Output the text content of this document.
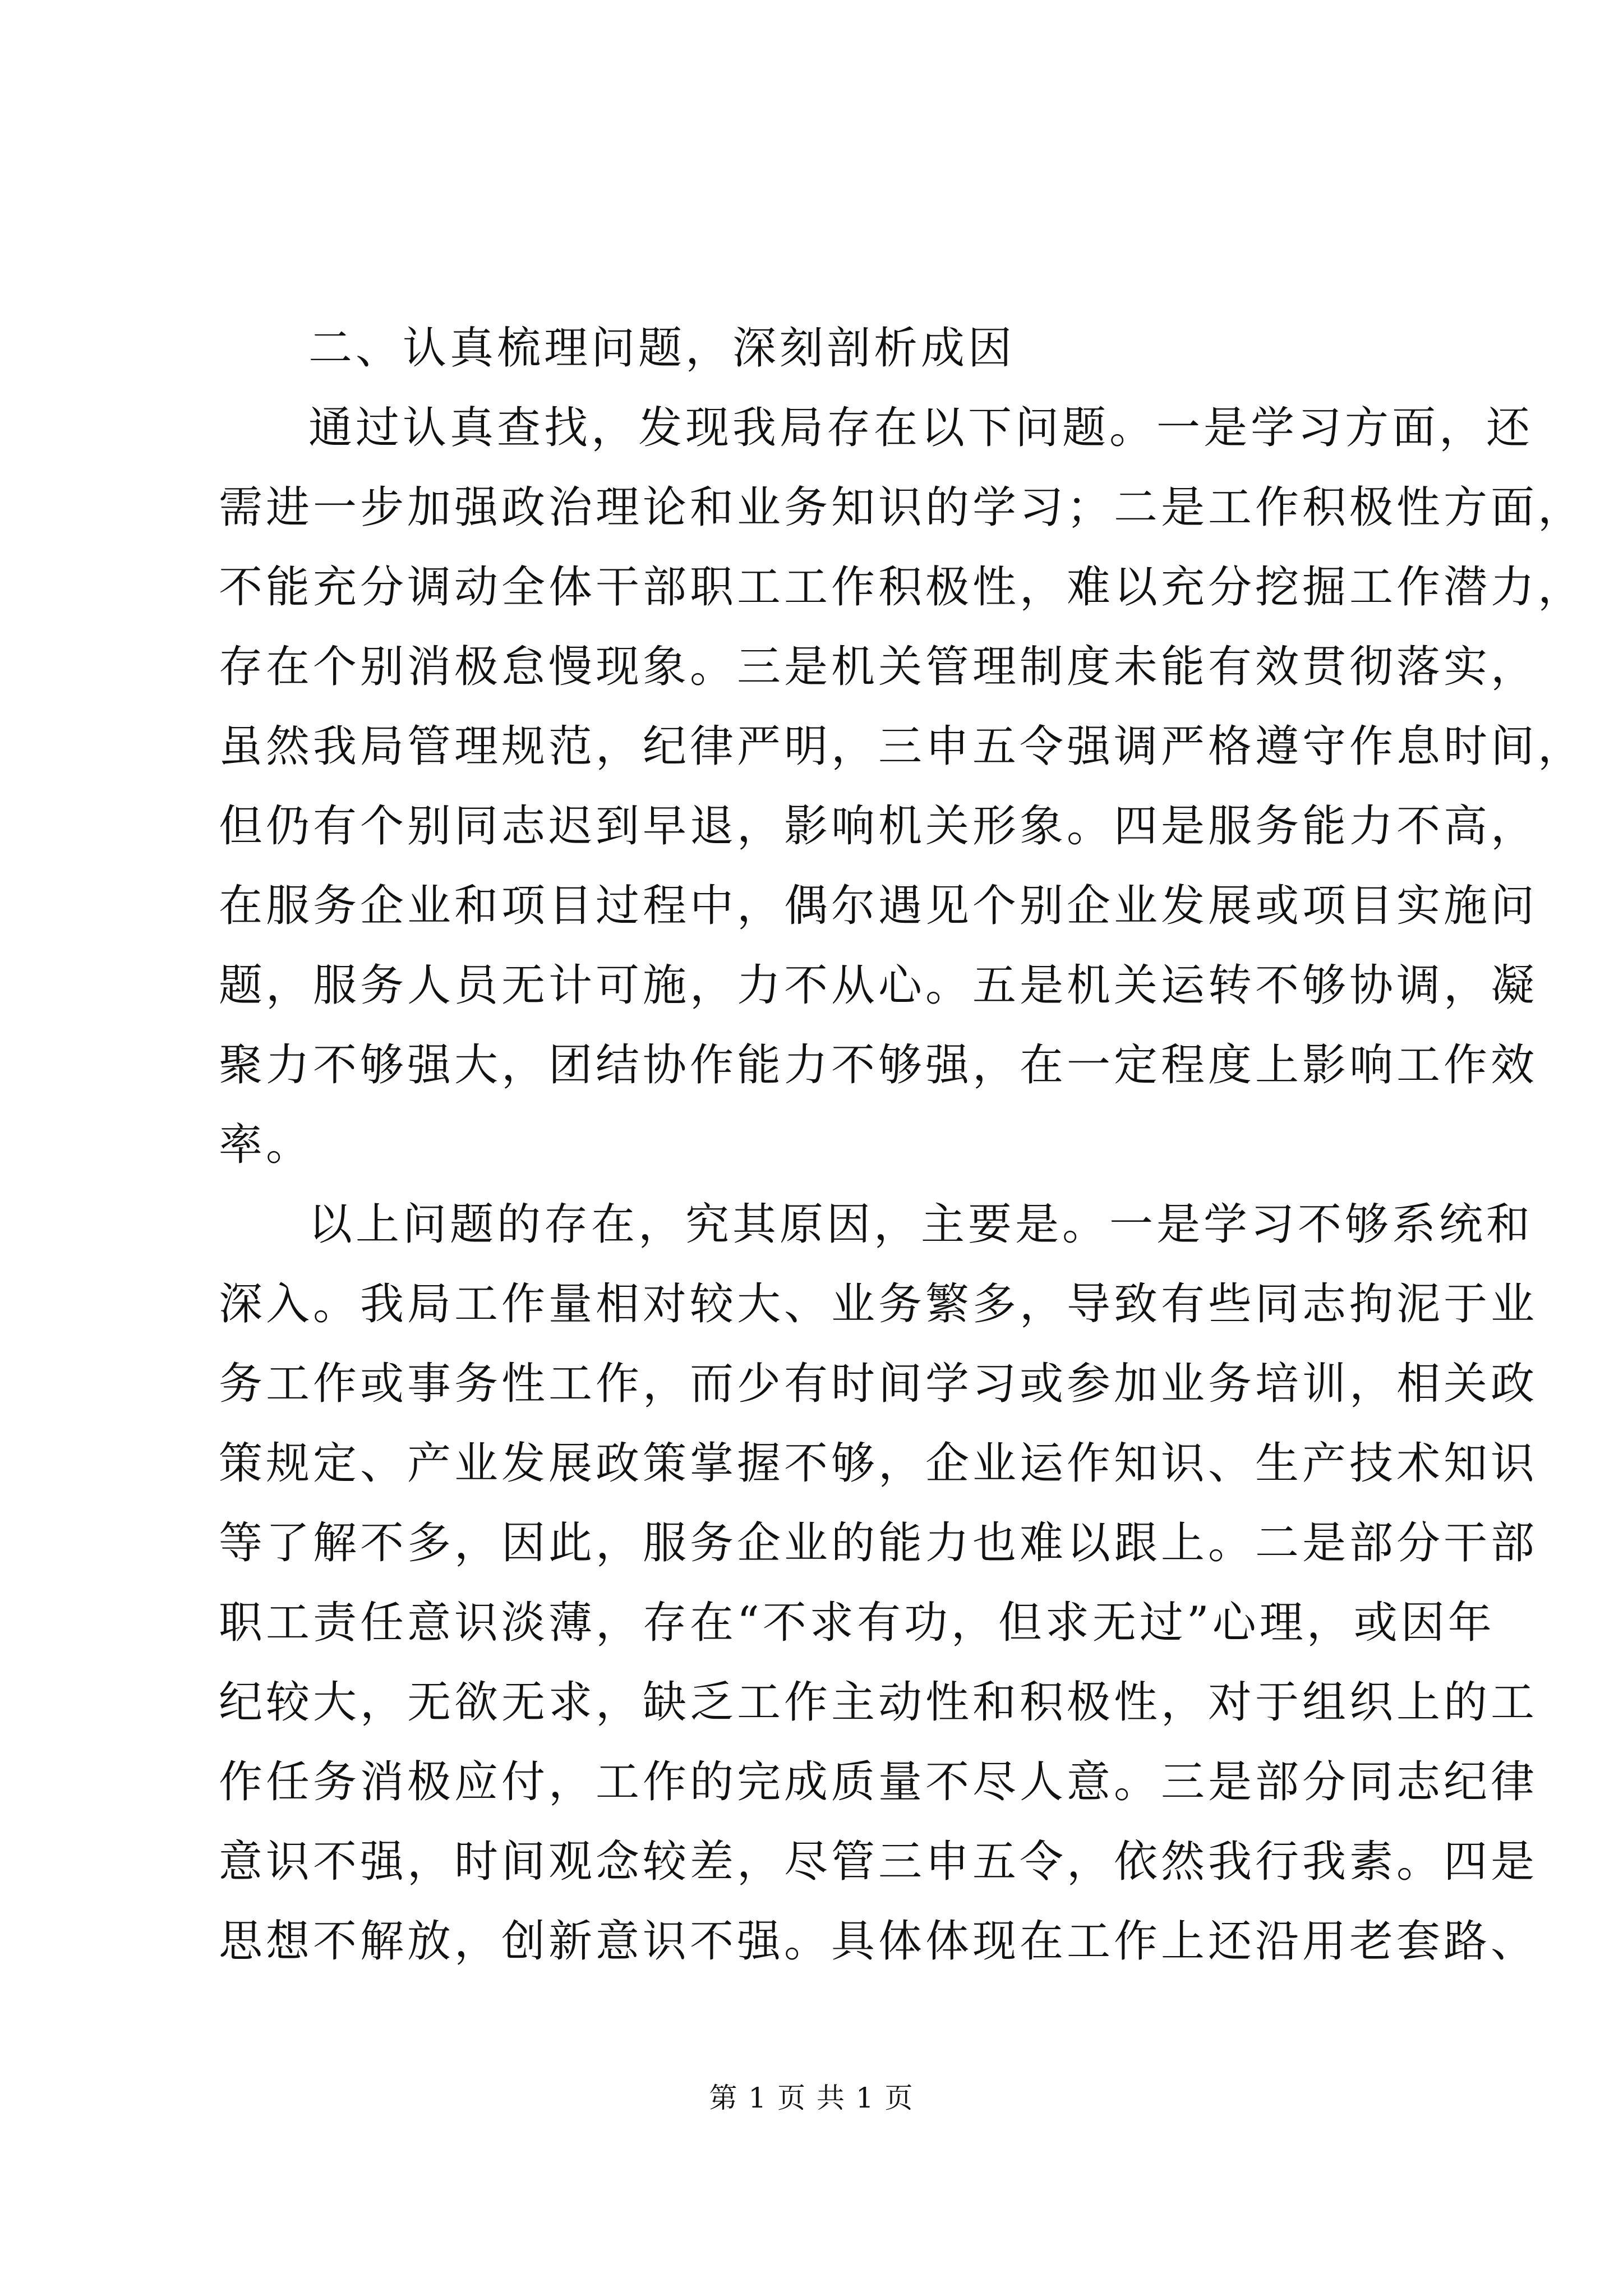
二、认真梳理问题，深刻剖析成因
通过认真查找，发现我局存在以下问题。一是学习方面，还
需进一步加强政治理论和业务知识的学习；二是工作积极性方面，
不能充分调动全体干部职工工作积极性，难以充分挖掘工作潜力，
存在个别消极怠慢现象。三是机关管理制度未能有效贯彻落实，
虽然我局管理规范，纪律严明，三申五令强调严格遵守作息时间，
但仍有个别同志迟到早退，影响机关形象。四是服务能力不高，
在服务企业和项目过程中，偶尔遇见个别企业发展或项目实施问
题，服务人员无计可施，力不从心。五是机关运转不够协调，凝
聚力不够强大，团结协作能力不够强，在一定程度上影响工作效
率。
以上问题的存在，究其原因，主要是。一是学习不够系统和
深入。我局工作量相对较大、业务繁多，导致有些同志拘泥于业
务工作或事务性工作，而少有时间学习或参加业务培训，相关政
策规定、产业发展政策掌握不够，企业运作知识、生产技术知识
等了解不多，因此，服务企业的能力也难以跟上。二是部分干部
职工责任意识淡薄，存在“不求有功，但求无过”心理，或因年
纪较大，无欲无求，缺乏工作主动性和积极性，对于组织上的工
作任务消极应付，工作的完成质量不尽人意。三是部分同志纪律
意识不强，时间观念较差，尽管三申五令，依然我行我素。四是
思想不解放，创新意识不强。具体体现在工作上还沿用老套路、
第 1 页 共 1 页
